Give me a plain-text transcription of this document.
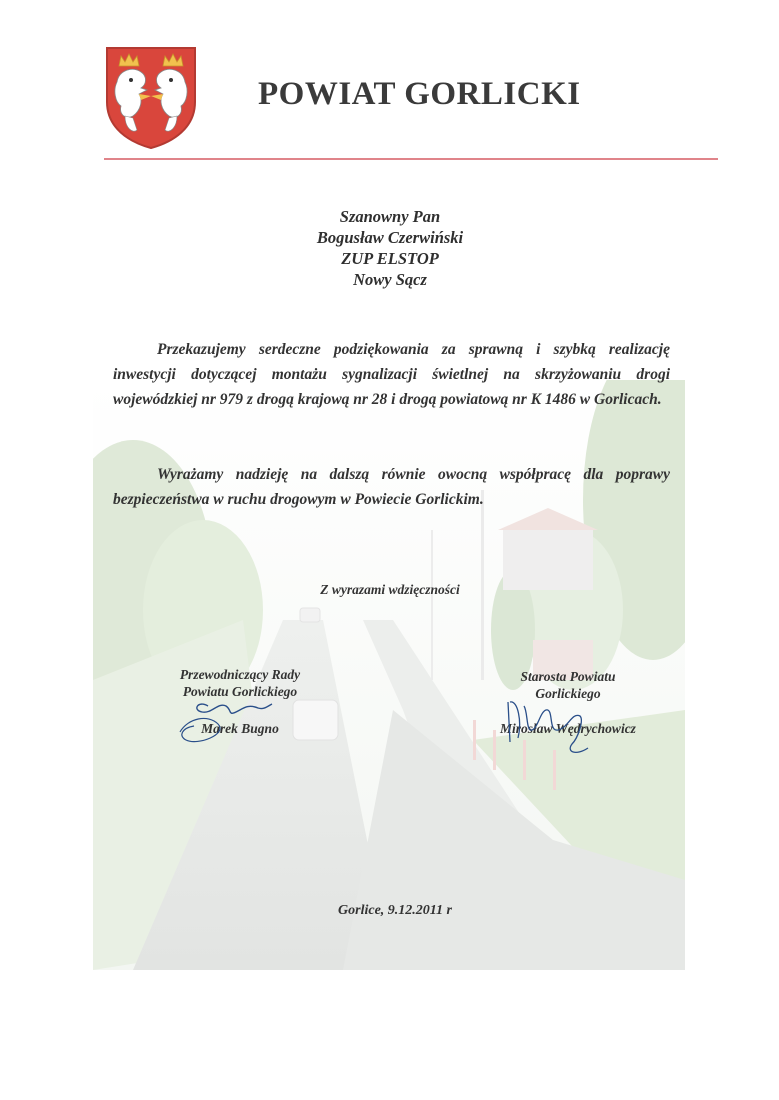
POWIAT GORLICKI
Szanowny Pan
Bogusław Czerwiński
ZUP ELSTOP
Nowy Sącz
Przekazujemy serdeczne podziękowania za sprawną i szybką realizację inwestycji dotyczącej montażu sygnalizacji świetlnej na skrzyżowaniu drogi wojewódzkiej nr 979 z drogą krajową nr 28 i drogą powiatową nr K 1486 w Gorlicach.
Wyrażamy nadzieję na dalszą równie owocną współpracę dla poprawy bezpieczeństwa w ruchu drogowym w Powiecie Gorlickim.
Z wyrazami wdzięczności
Przewodniczący Rady
Powiatu Gorlickiego
Marek Bugno
Starosta Powiatu
Gorlickiego
Mirosław Wędrychowicz
Gorlice, 9.12.2011 r
